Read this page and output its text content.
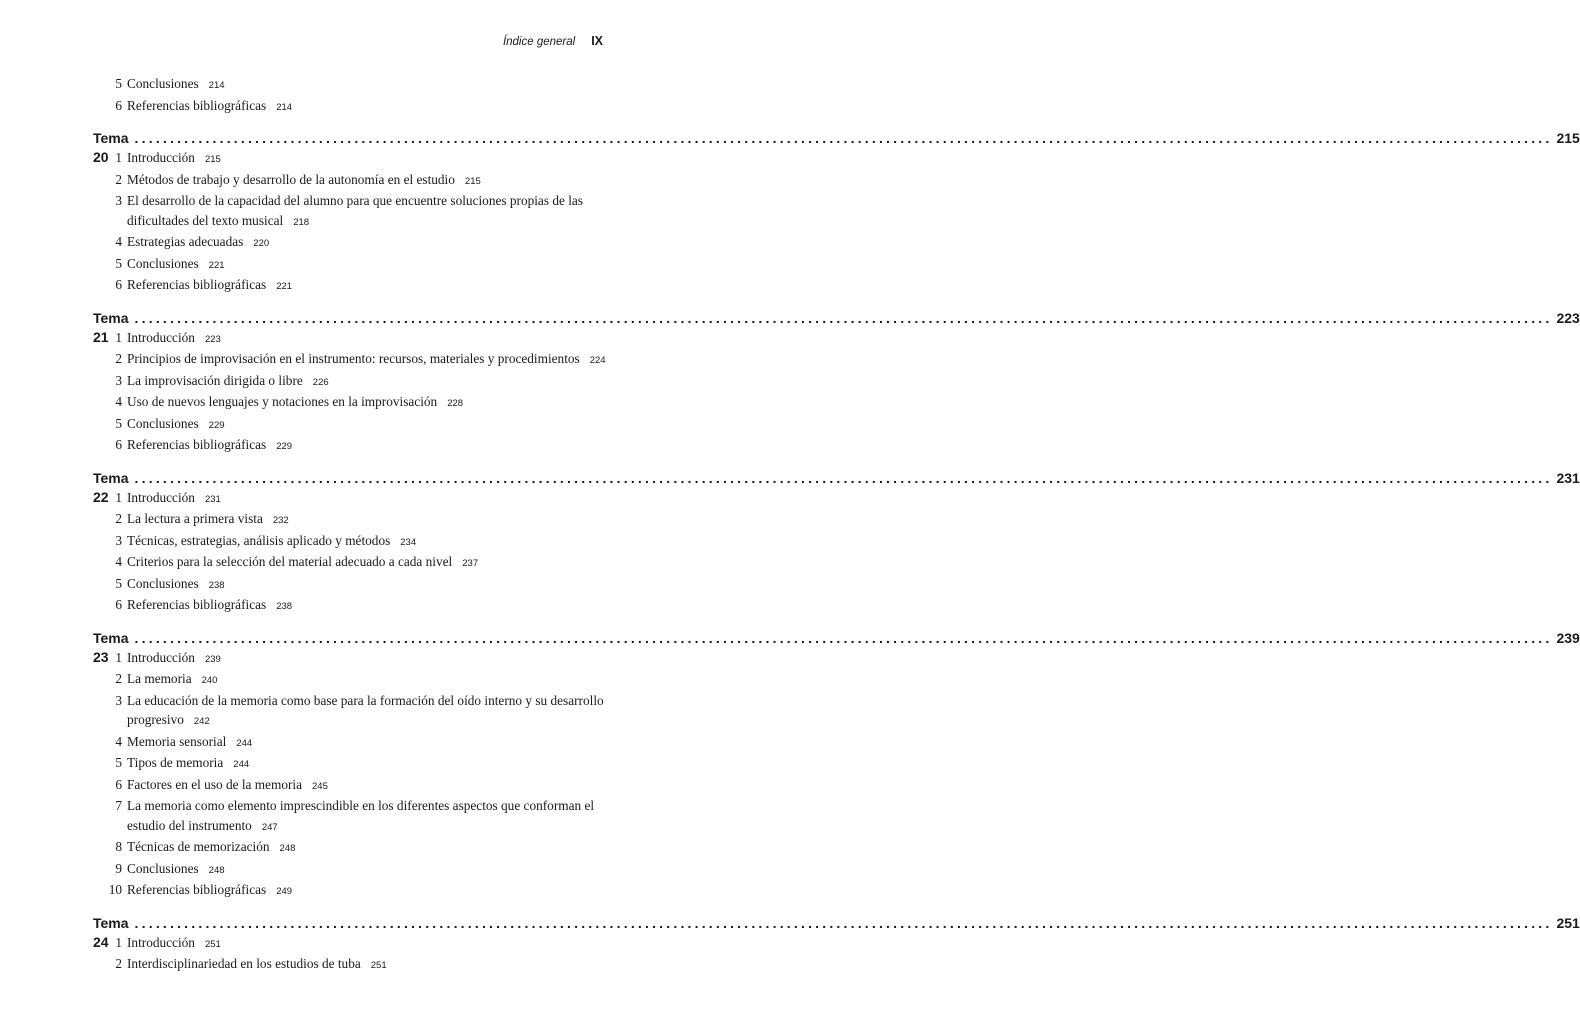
Índice general IX
5 Conclusiones 214
6 Referencias bibliográficas 214
Tema 20
........................................................................................................................................................................................................ 215
1 Introducción 215
2 Métodos de trabajo y desarrollo de la autonomía en el estudio 215
3 El desarrollo de la capacidad del alumno para que encuentre soluciones propias de las dificultades del texto musical 218
4 Estrategias adecuadas 220
5 Conclusiones 221
6 Referencias bibliográficas 221
Tema 21
........................................................................................................................................................................................................ 223
1 Introducción 223
2 Principios de improvisación en el instrumento: recursos, materiales y procedimientos 224
3 La improvisación dirigida o libre 226
4 Uso de nuevos lenguajes y notaciones en la improvisación 228
5 Conclusiones 229
6 Referencias bibliográficas 229
Tema 22
........................................................................................................................................................................................................ 231
1 Introducción 231
2 La lectura a primera vista 232
3 Técnicas, estrategias, análisis aplicado y métodos 234
4 Criterios para la selección del material adecuado a cada nivel 237
5 Conclusiones 238
6 Referencias bibliográficas 238
Tema 23
........................................................................................................................................................................................................ 239
1 Introducción 239
2 La memoria 240
3 La educación de la memoria como base para la formación del oído interno y su desarrollo progresivo 242
4 Memoria sensorial 244
5 Tipos de memoria 244
6 Factores en el uso de la memoria 245
7 La memoria como elemento imprescindible en los diferentes aspectos que conforman el estudio del instrumento 247
8 Técnicas de memorización 248
9 Conclusiones 248
10 Referencias bibliográficas 249
Tema 24
........................................................................................................................................................................................................ 251
1 Introducción 251
2 Interdisciplinariedad en los estudios de tuba 251
